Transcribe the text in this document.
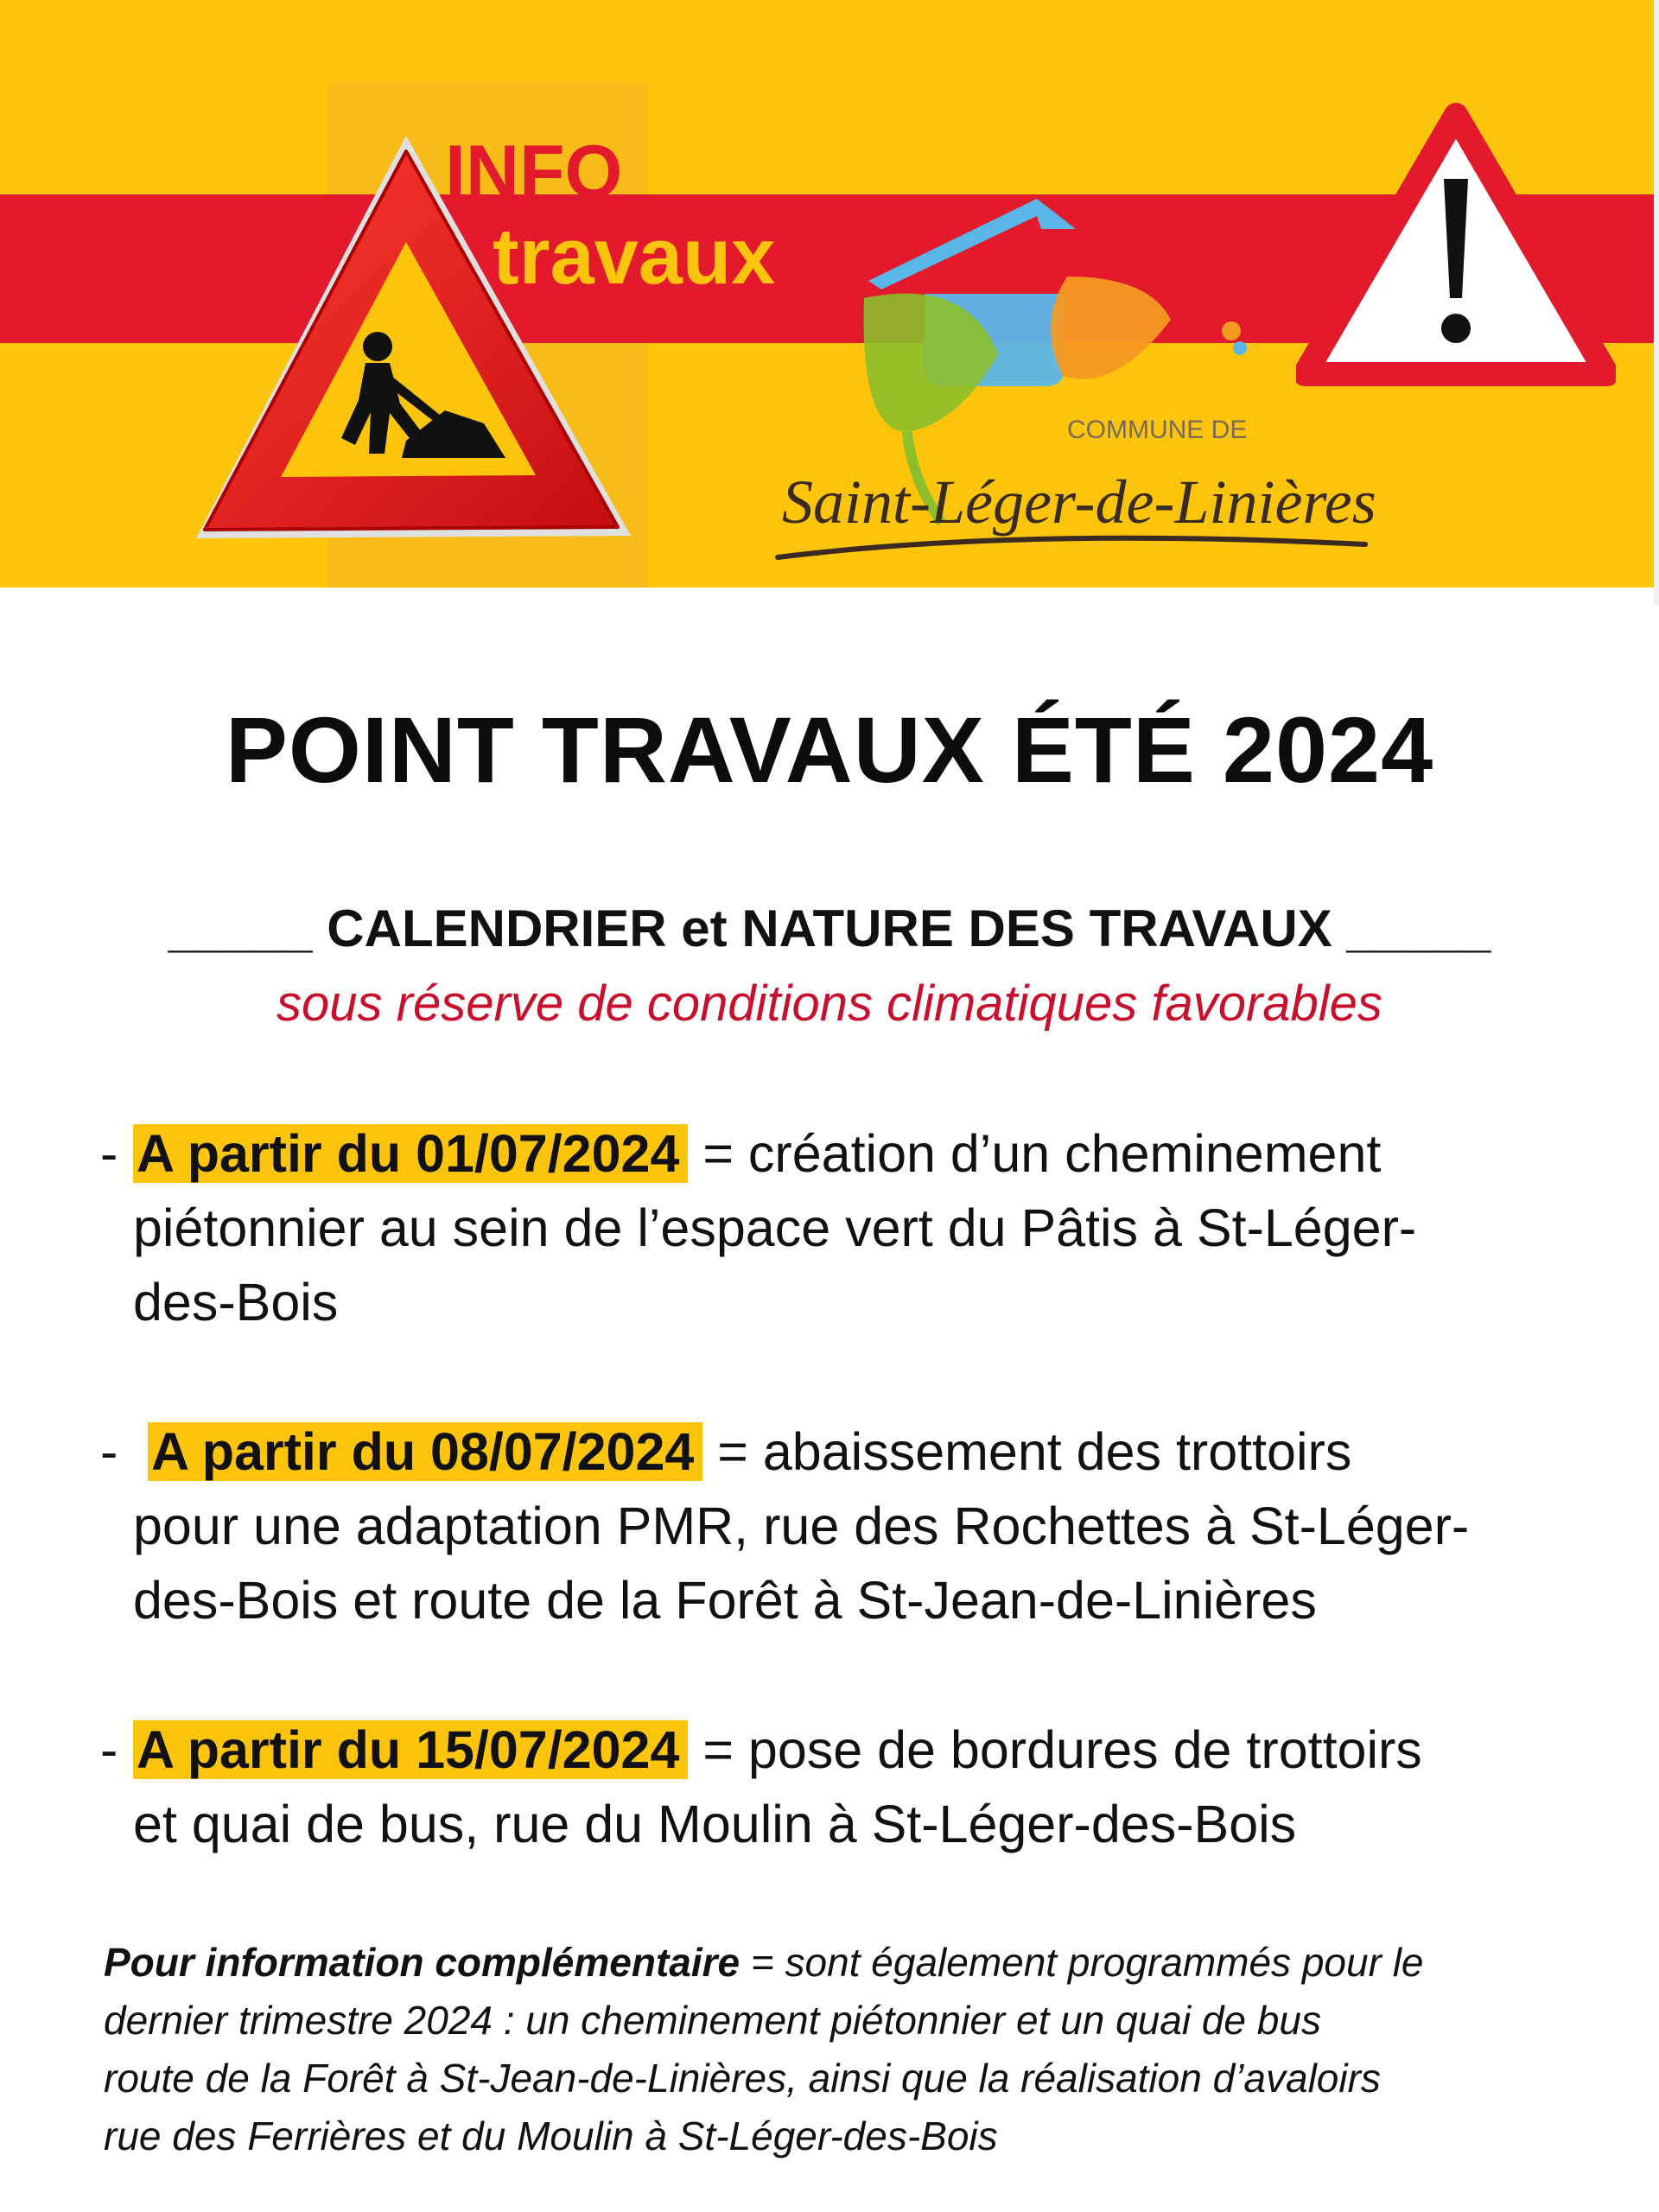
INFO
travaux
COMMUNE DE
Saint-Léger-de-Linières
POINT TRAVAUX ÉTÉ 2024
_____ CALENDRIER et NATURE DES TRAVAUX _____
sous réserve de conditions climatiques favorables
- A partir du 01/07/2024 = création d’un cheminement
piétonnier au sein de l’espace vert du Pâtis à St-Léger-
des-Bois
- A partir du 08/07/2024 = abaissement des trottoirs
pour une adaptation PMR, rue des Rochettes à St-Léger-
des-Bois et route de la Forêt à St-Jean-de-Linières
- A partir du 15/07/2024 = pose de bordures de trottoirs
et quai de bus, rue du Moulin à St-Léger-des-Bois
Pour information complémentaire = sont également programmés pour le
dernier trimestre 2024 : un cheminement piétonnier et un quai de bus
route de la Forêt à St-Jean-de-Linières, ainsi que la réalisation d’avaloirs
rue des Ferrières et du Moulin à St-Léger-des-Bois
